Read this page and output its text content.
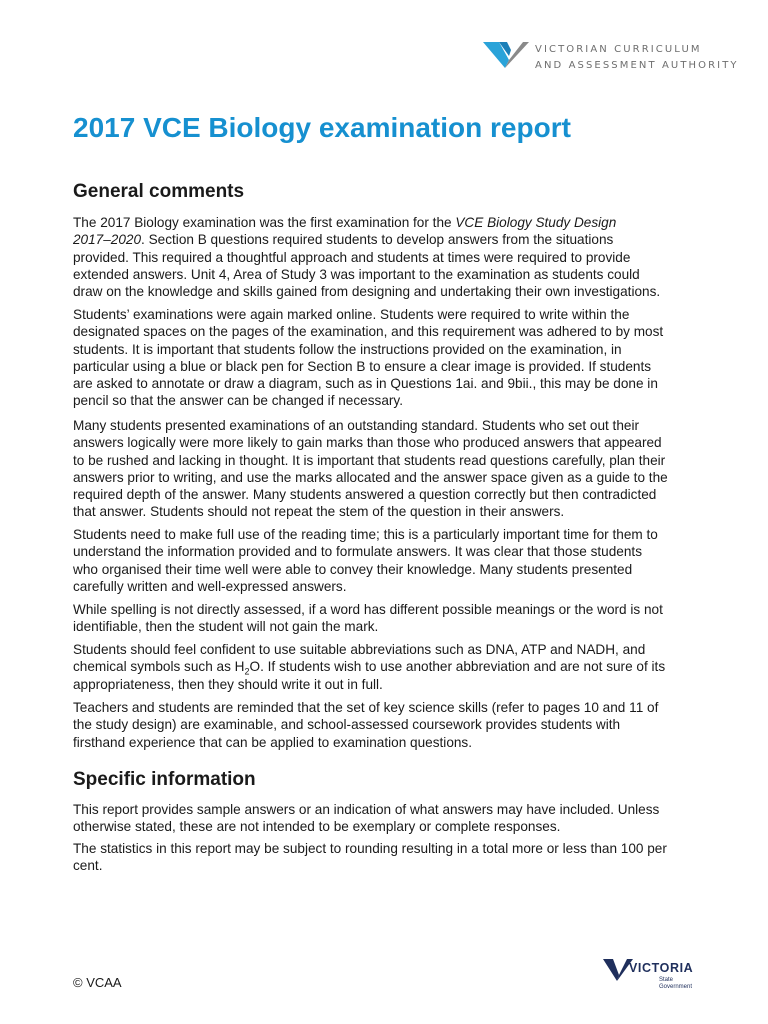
VICTORIAN CURRICULUM
AND ASSESSMENT AUTHORITY
2017 VCE Biology examination report
General comments

The 2017 Biology examination was the first examination for the VCE Biology Study Design
2017–2020. Section B questions required students to develop answers from the situations
provided. This required a thoughtful approach and students at times were required to provide
extended answers. Unit 4, Area of Study 3 was important to the examination as students could
draw on the knowledge and skills gained from designing and undertaking their own investigations.

Students’ examinations were again marked online. Students were required to write within the
designated spaces on the pages of the examination, and this requirement was adhered to by most
students. It is important that students follow the instructions provided on the examination, in
particular using a blue or black pen for Section B to ensure a clear image is provided. If students
are asked to annotate or draw a diagram, such as in Questions 1ai. and 9bii., this may be done in
pencil so that the answer can be changed if necessary.

Many students presented examinations of an outstanding standard. Students who set out their
answers logically were more likely to gain marks than those who produced answers that appeared
to be rushed and lacking in thought. It is important that students read questions carefully, plan their
answers prior to writing, and use the marks allocated and the answer space given as a guide to the
required depth of the answer. Many students answered a question correctly but then contradicted
that answer. Students should not repeat the stem of the question in their answers.

Students need to make full use of the reading time; this is a particularly important time for them to
understand the information provided and to formulate answers. It was clear that those students
who organised their time well were able to convey their knowledge. Many students presented
carefully written and well-expressed answers.

While spelling is not directly assessed, if a word has different possible meanings or the word is not
identifiable, then the student will not gain the mark.

Students should feel confident to use suitable abbreviations such as DNA, ATP and NADH, and
chemical symbols such as $H_2O$. If students wish to use another abbreviation and are not sure of its
appropriateness, then they should write it out in full.

Teachers and students are reminded that the set of key science skills (refer to pages 10 and 11 of
the study design) are examinable, and school-assessed coursework provides students with
firsthand experience that can be applied to examination questions.

Specific information

This report provides sample answers or an indication of what answers may have included. Unless
otherwise stated, these are not intended to be exemplary or complete responses.

The statistics in this report may be subject to rounding resulting in a total more or less than 100 per
cent.

© VCAA

VICTORIA
State
Government
